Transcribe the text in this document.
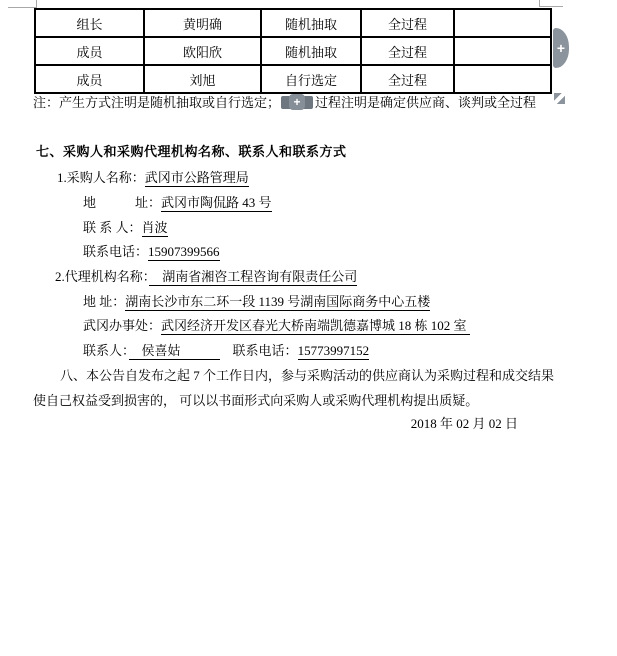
组长	黄明确	随机抽取	全过程	
成员	欧阳欣	随机抽取	全过程	
成员	刘旭	自行选定	全过程	
+
注：产生方式注明是随机抽取或自行选定；	+	过程注明是确定供应商、谈判或全过程
七、采购人和采购代理机构名称、联系人和联系方式
1.采购人名称：武冈市公路管理局
地　　　址：武冈市陶侃路 43 号
联 系 人：肖波
联系电话：15907399566
2.代理机构名称：　湖南省湘咨工程咨询有限责任公司
地 址：湖南长沙市东二环一段 1139 号湖南国际商务中心五楼
武冈办事处：武冈经济开发区春光大桥南端凯德嘉博城 18 栋 102 室
联系人：　侯喜姑　　　　联系电话：15773997152
八、本公告自发布之起 7 个工作日内，参与采购活动的供应商认为采购过程和成交结果
使自己权益受到损害的， 可以以书面形式向采购人或采购代理机构提出质疑。
2018 年 02 月 02 日
